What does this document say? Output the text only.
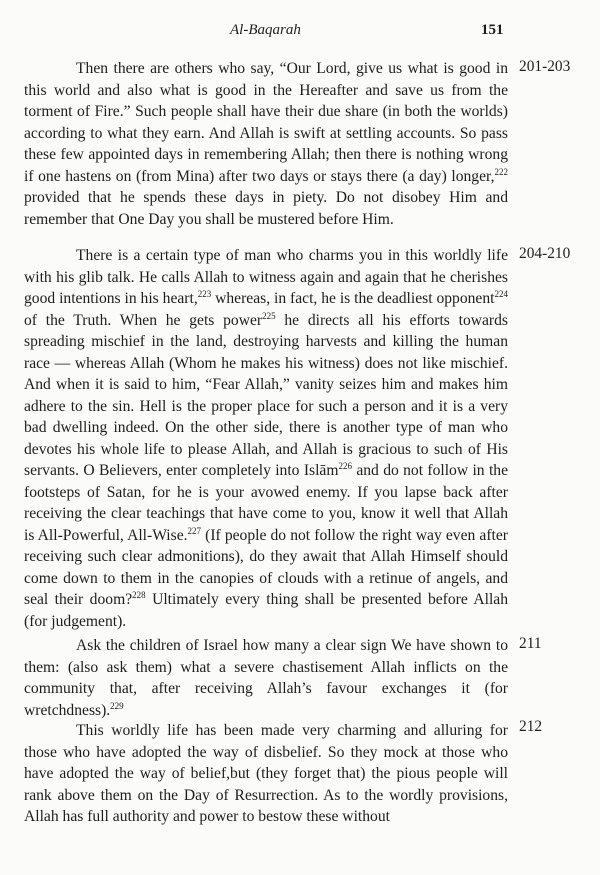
Al-Baqarah	151

Then there are others who say, “Our Lord, give us what is good in this world and also what is good in the Hereafter and save us from the torment of Fire.” Such people shall have their due share (in both the worlds) according to what they earn. And Allah is swift at settling accounts. So pass these few appointed days in remembering Allah; then there is nothing wrong if one hastens on (from Mina) after two days or stays there (a day) longer,$^{222}$ provided that he spends these days in piety. Do not disobey Him and remember that One Day you shall be mustered before Him.

201-203

There is a certain type of man who charms you in this worldly life with his glib talk. He calls Allah to witness again and again that he cherishes good intentions in his heart,$^{223}$ whereas, in fact, he is the deadliest opponent$^{224}$ of the Truth. When he gets power$^{225}$ he directs all his efforts towards spreading mischief in the land, destroying harvests and killing the human race — whereas Allah (Whom he makes his witness) does not like mischief. And when it is said to him, “Fear Allah,” vanity seizes him and makes him adhere to the sin. Hell is the proper place for such a person and it is a very bad dwelling indeed. On the other side, there is another type of man who devotes his whole life to please Allah, and Allah is gracious to such of His servants. O Believers, enter completely into Islām$^{226}$ and do not follow in the footsteps of Satan, for he is your avowed enemy. If you lapse back after receiving the clear teachings that have come to you, know it well that Allah is All-Powerful, All-Wise.$^{227}$ (If people do not follow the right way even after receiving such clear admonitions), do they await that Allah Himself should come down to them in the canopies of clouds with a retinue of angels, and seal their doom?$^{228}$ Ultimately every thing shall be presented before Allah (for judgement).

204-210

Ask the children of Israel how many a clear sign We have shown to them: (also ask them) what a severe chastisement Allah inflicts on the community that, after receiving Allah’s favour exchanges it (for wretchdness).$^{229}$

211

This worldly life has been made very charming and alluring for those who have adopted the way of disbelief. So they mock at those who have adopted the way of belief,but (they forget that) the pious people will rank above them on the Day of Resurrection. As to the wordly provisions, Allah has full authority and power to bestow these without

212
